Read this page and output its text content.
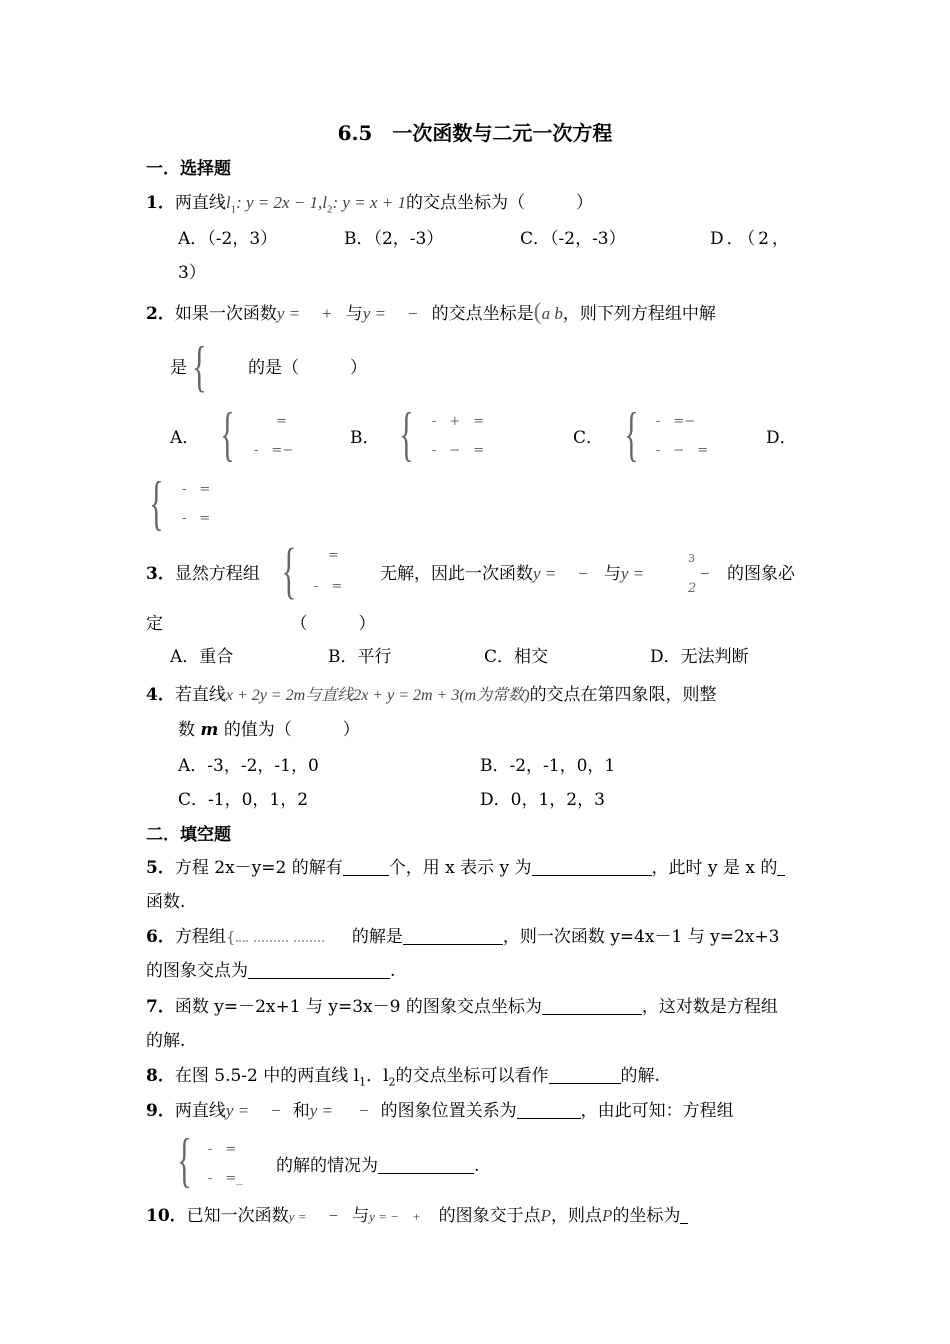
6.5　一次函数与二元一次方程
一．选择题
1．两直线$l_1$: $y = 2x - 1,l_2$: y = x + 1的交点坐标为（　　　）
A．（-2，3）	B．（2，-3）	C．（-2，-3）	D．（2，
3）
2．如果一次函数y = + 与y = − 的交点坐标是(a b，则下列方程组中解
是 { 的是（　　　）
A． {	=
-　=−
B． { -　+　=
-　−　=
C． { -　=−
-　−　=
D．
{ -　=
-　=
3．显然方程组 { =
-　=
无解，因此一次函数y = − 与y =
3
2
− 的图象必
定　　　　　　　　（　　　）
A．重合	B．平行	C．相交	D．无法判断
4．若直线x + 2y = 2m与直线2x + y = 2m + 3(m为常数)的交点在第四象限，则整
数 m 的值为（　　　）
A．-3，-2，-1，0	B．-2，-1，0，1
C．-1，0，1，2	D．0，1，2，3
二．填空题
5．方程 2x－y=2 的解有	个，用 x 表示 y 为	，此时 y 是 x 的
函数.
6．方程组{	的解是	，则一次函数 y=4x－1 与 y=2x+3
的图象交点为	.
7．函数 y=－2x+1 与 y=3x－9 的图象交点坐标为	，这对数是方程组
的解.
8．在图 5.5-2 中的两直线 $l_1$．$l_2$的交点坐标可以看作	的解.
9．两直线y = − 和y = − 的图象位置关系为	，由此可知：方程组
{ -　=
-　=_
的解的情况为	.
10．已知一次函数y = − 与y = −　+ 的图象交于点P，则点P的坐标为
